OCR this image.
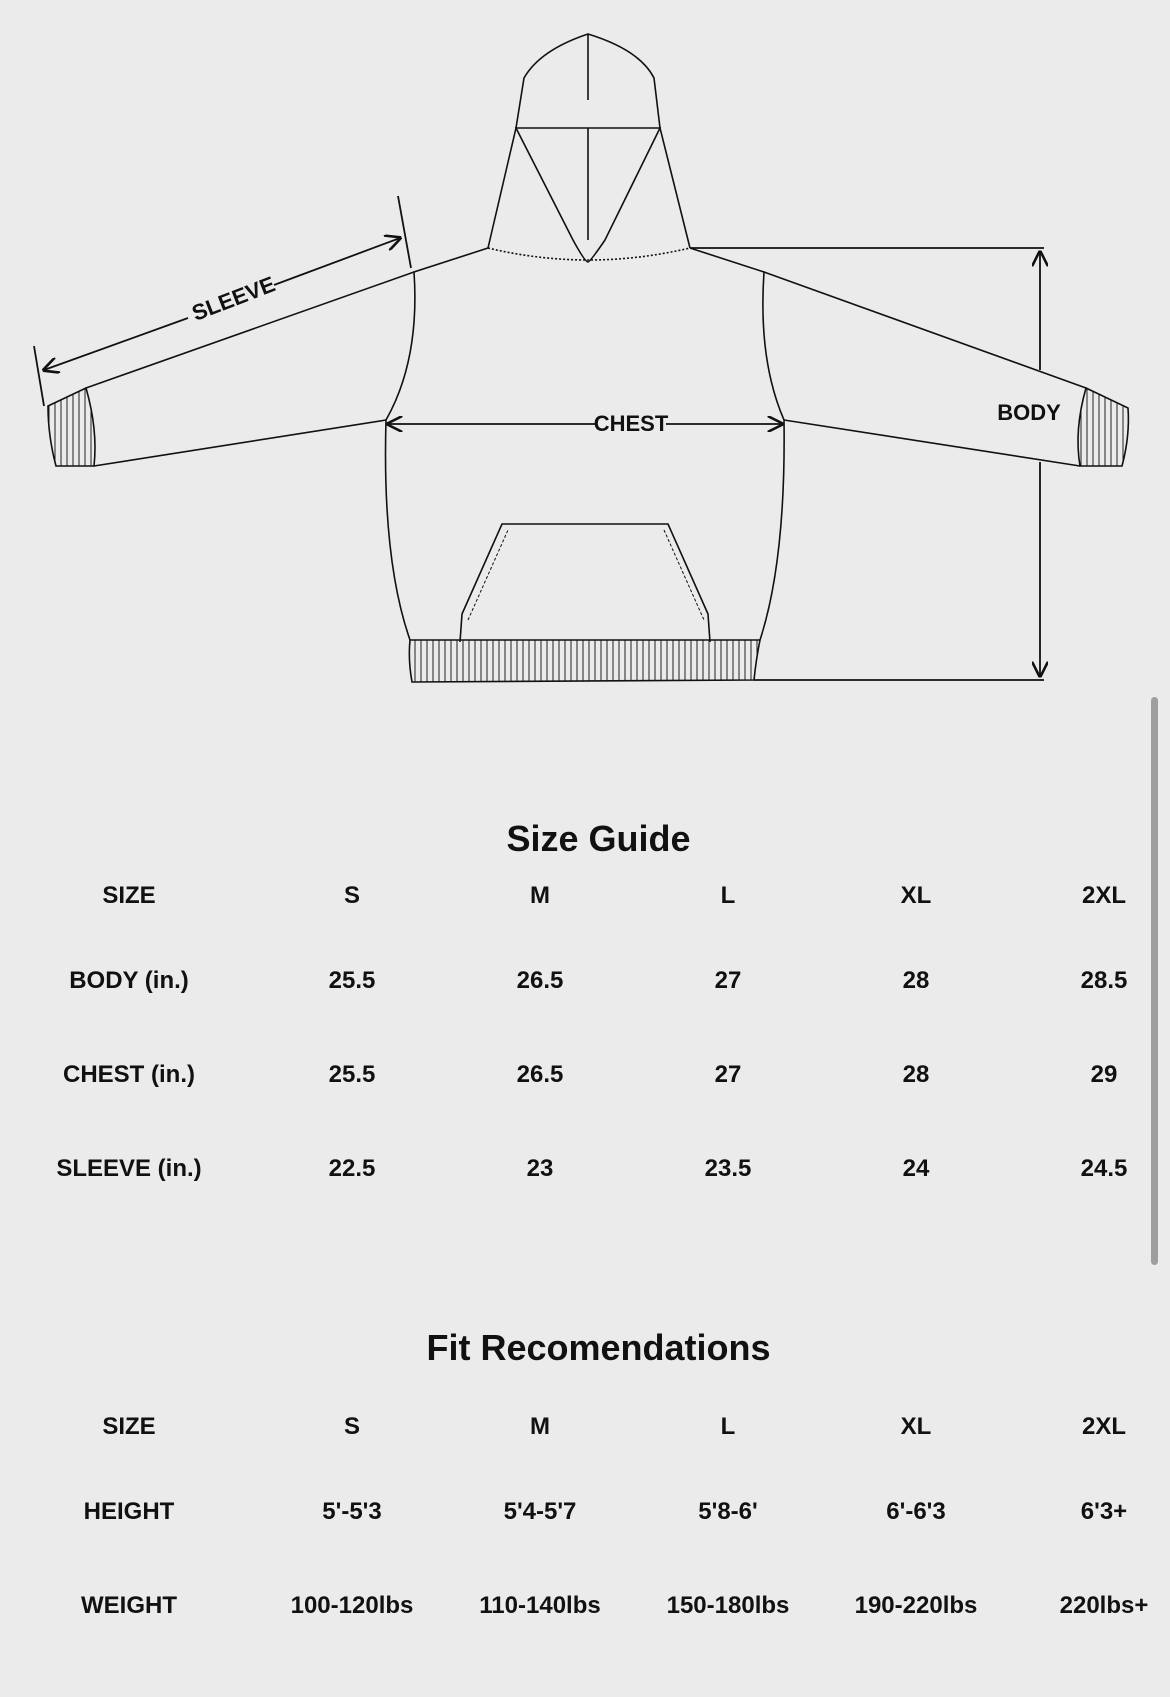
SLEEVE
CHEST	BODY
Size Guide
SIZE	S	M	L	XL	2XL
BODY (in.)	25.5	26.5	27	28	28.5
CHEST (in.)	25.5	26.5	27	28	29
SLEEVE (in.)	22.5	23	23.5	24	24.5
Fit Recomendations
SIZE	S	M	L	XL	2XL
HEIGHT	5'-5'3	5'4-5'7	5'8-6'	6'-6'3	6'3+
WEIGHT	100-120lbs	110-140lbs	150-180lbs	190-220lbs	220lbs+
